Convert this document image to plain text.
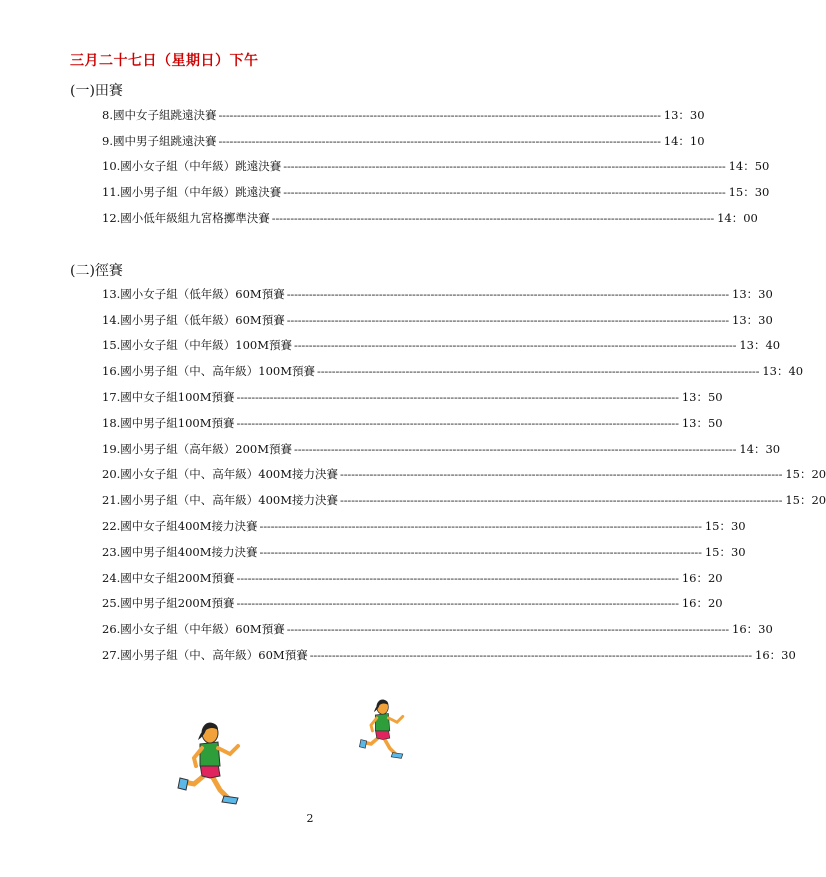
三月二十七日（星期日）下午
(一)田賽
8.國中女子組跳遠決賽 ------------------------------------------------------------------------------------------------------------------------ 13：30
9.國中男子組跳遠決賽 ------------------------------------------------------------------------------------------------------------------------ 14：10
10.國小女子組（中年級）跳遠決賽 ------------------------------------------------------------------------------------------------------------------------ 14：50
11.國小男子組（中年級）跳遠決賽 ------------------------------------------------------------------------------------------------------------------------ 15：30
12.國小低年級組九宮格擲準決賽 ------------------------------------------------------------------------------------------------------------------------ 14：00
(二)徑賽
13.國小女子組（低年級）60M預賽 ------------------------------------------------------------------------------------------------------------------------ 13：30
14.國小男子組（低年級）60M預賽 ------------------------------------------------------------------------------------------------------------------------ 13：30
15.國小女子組（中年級）100M預賽 ------------------------------------------------------------------------------------------------------------------------ 13：40
16.國小男子組（中、高年級）100M預賽 ------------------------------------------------------------------------------------------------------------------------ 13：40
17.國中女子組100M預賽 ------------------------------------------------------------------------------------------------------------------------ 13：50
18.國中男子組100M預賽 ------------------------------------------------------------------------------------------------------------------------ 13：50
19.國小男子組（高年級）200M預賽 ------------------------------------------------------------------------------------------------------------------------ 14：30
20.國小女子組（中、高年級）400M接力決賽 ------------------------------------------------------------------------------------------------------------------------ 15：20
21.國小男子組（中、高年級）400M接力決賽 ------------------------------------------------------------------------------------------------------------------------ 15：20
22.國中女子組400M接力決賽 ------------------------------------------------------------------------------------------------------------------------ 15：30
23.國中男子組400M接力決賽 ------------------------------------------------------------------------------------------------------------------------ 15：30
24.國中女子組200M預賽 ------------------------------------------------------------------------------------------------------------------------ 16：20
25.國中男子組200M預賽 ------------------------------------------------------------------------------------------------------------------------ 16：20
26.國小女子組（中年級）60M預賽 ------------------------------------------------------------------------------------------------------------------------ 16：30
27.國小男子組（中、高年級）60M預賽 ------------------------------------------------------------------------------------------------------------------------ 16：30
2
